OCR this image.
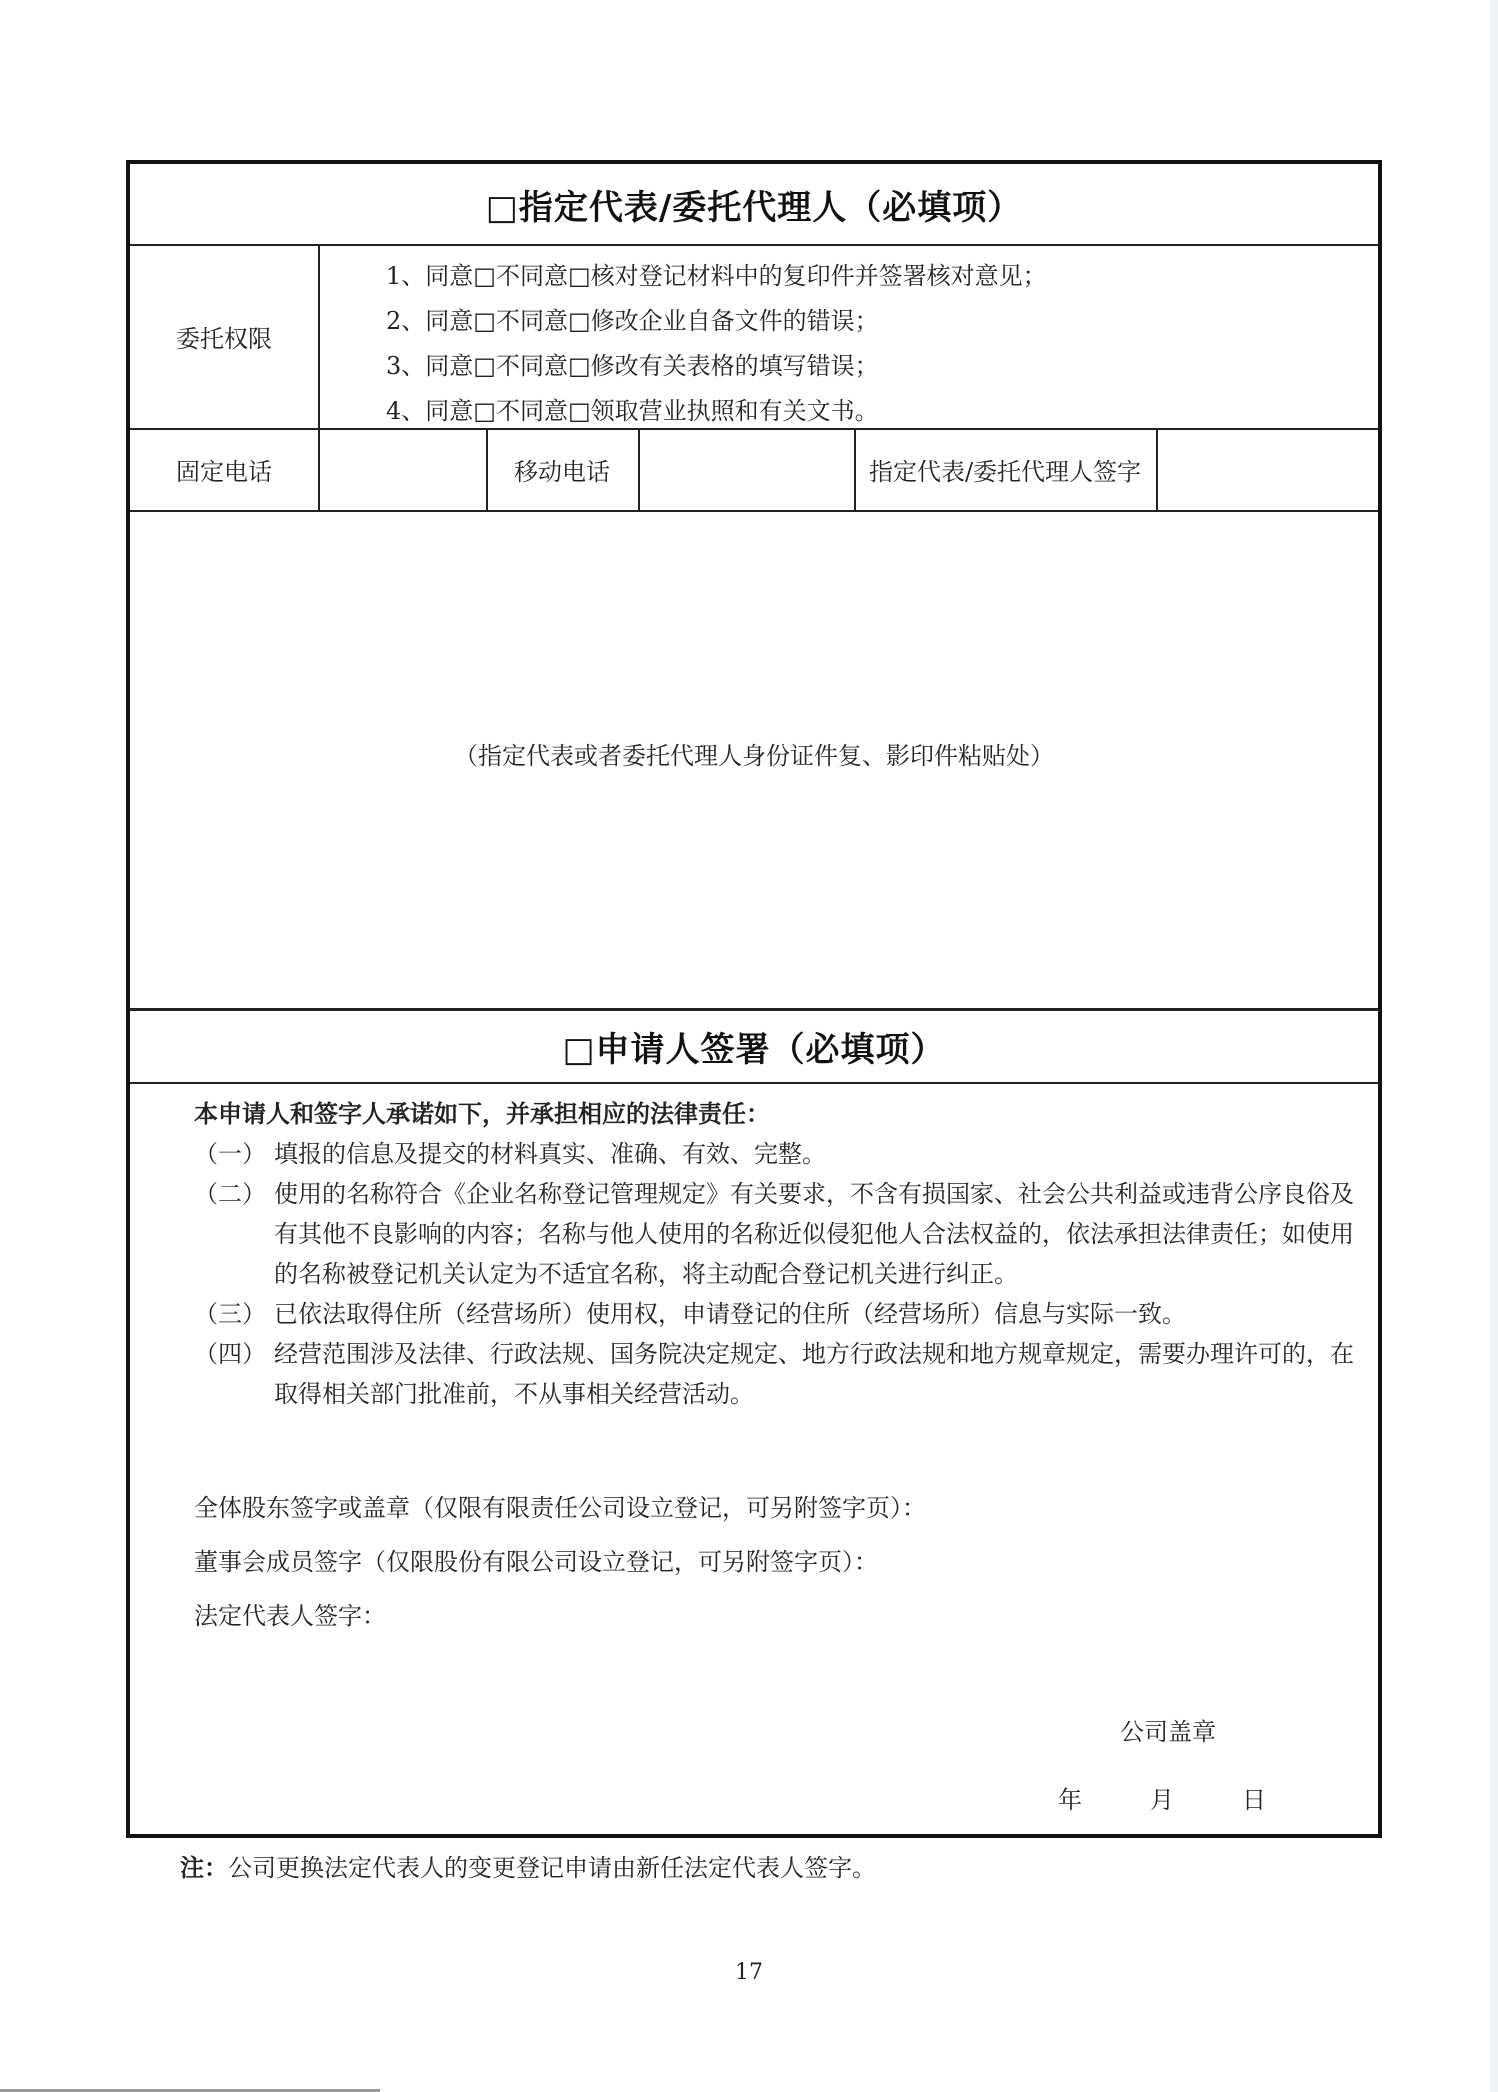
□指定代表/委托代理人（必填项）
委托权限
1、同意□不同意□核对登记材料中的复印件并签署核对意见；
2、同意□不同意□修改企业自备文件的错误；
3、同意□不同意□修改有关表格的填写错误；
4、同意□不同意□领取营业执照和有关文书。
固定电话	移动电话	指定代表/委托代理人签字
（指定代表或者委托代理人身份证件复、影印件粘贴处）
□申请人签署（必填项）
本申请人和签字人承诺如下，并承担相应的法律责任：
（一） 填报的信息及提交的材料真实、准确、有效、完整。
（二） 使用的名称符合《企业名称登记管理规定》有关要求，不含有损国家、社会公共利益或违背公序良俗及有其他不良影响的内容；名称与他人使用的名称近似侵犯他人合法权益的，依法承担法律责任；如使用的名称被登记机关认定为不适宜名称，将主动配合登记机关进行纠正。
（三） 已依法取得住所（经营场所）使用权，申请登记的住所（经营场所）信息与实际一致。
（四） 经营范围涉及法律、行政法规、国务院决定规定、地方行政法规和地方规章规定，需要办理许可的，在取得相关部门批准前，不从事相关经营活动。
全体股东签字或盖章（仅限有限责任公司设立登记，可另附签字页）：
董事会成员签字（仅限股份有限公司设立登记，可另附签字页）：
法定代表人签字：
公司盖章
年	月	日
注：公司更换法定代表人的变更登记申请由新任法定代表人签字。
17
